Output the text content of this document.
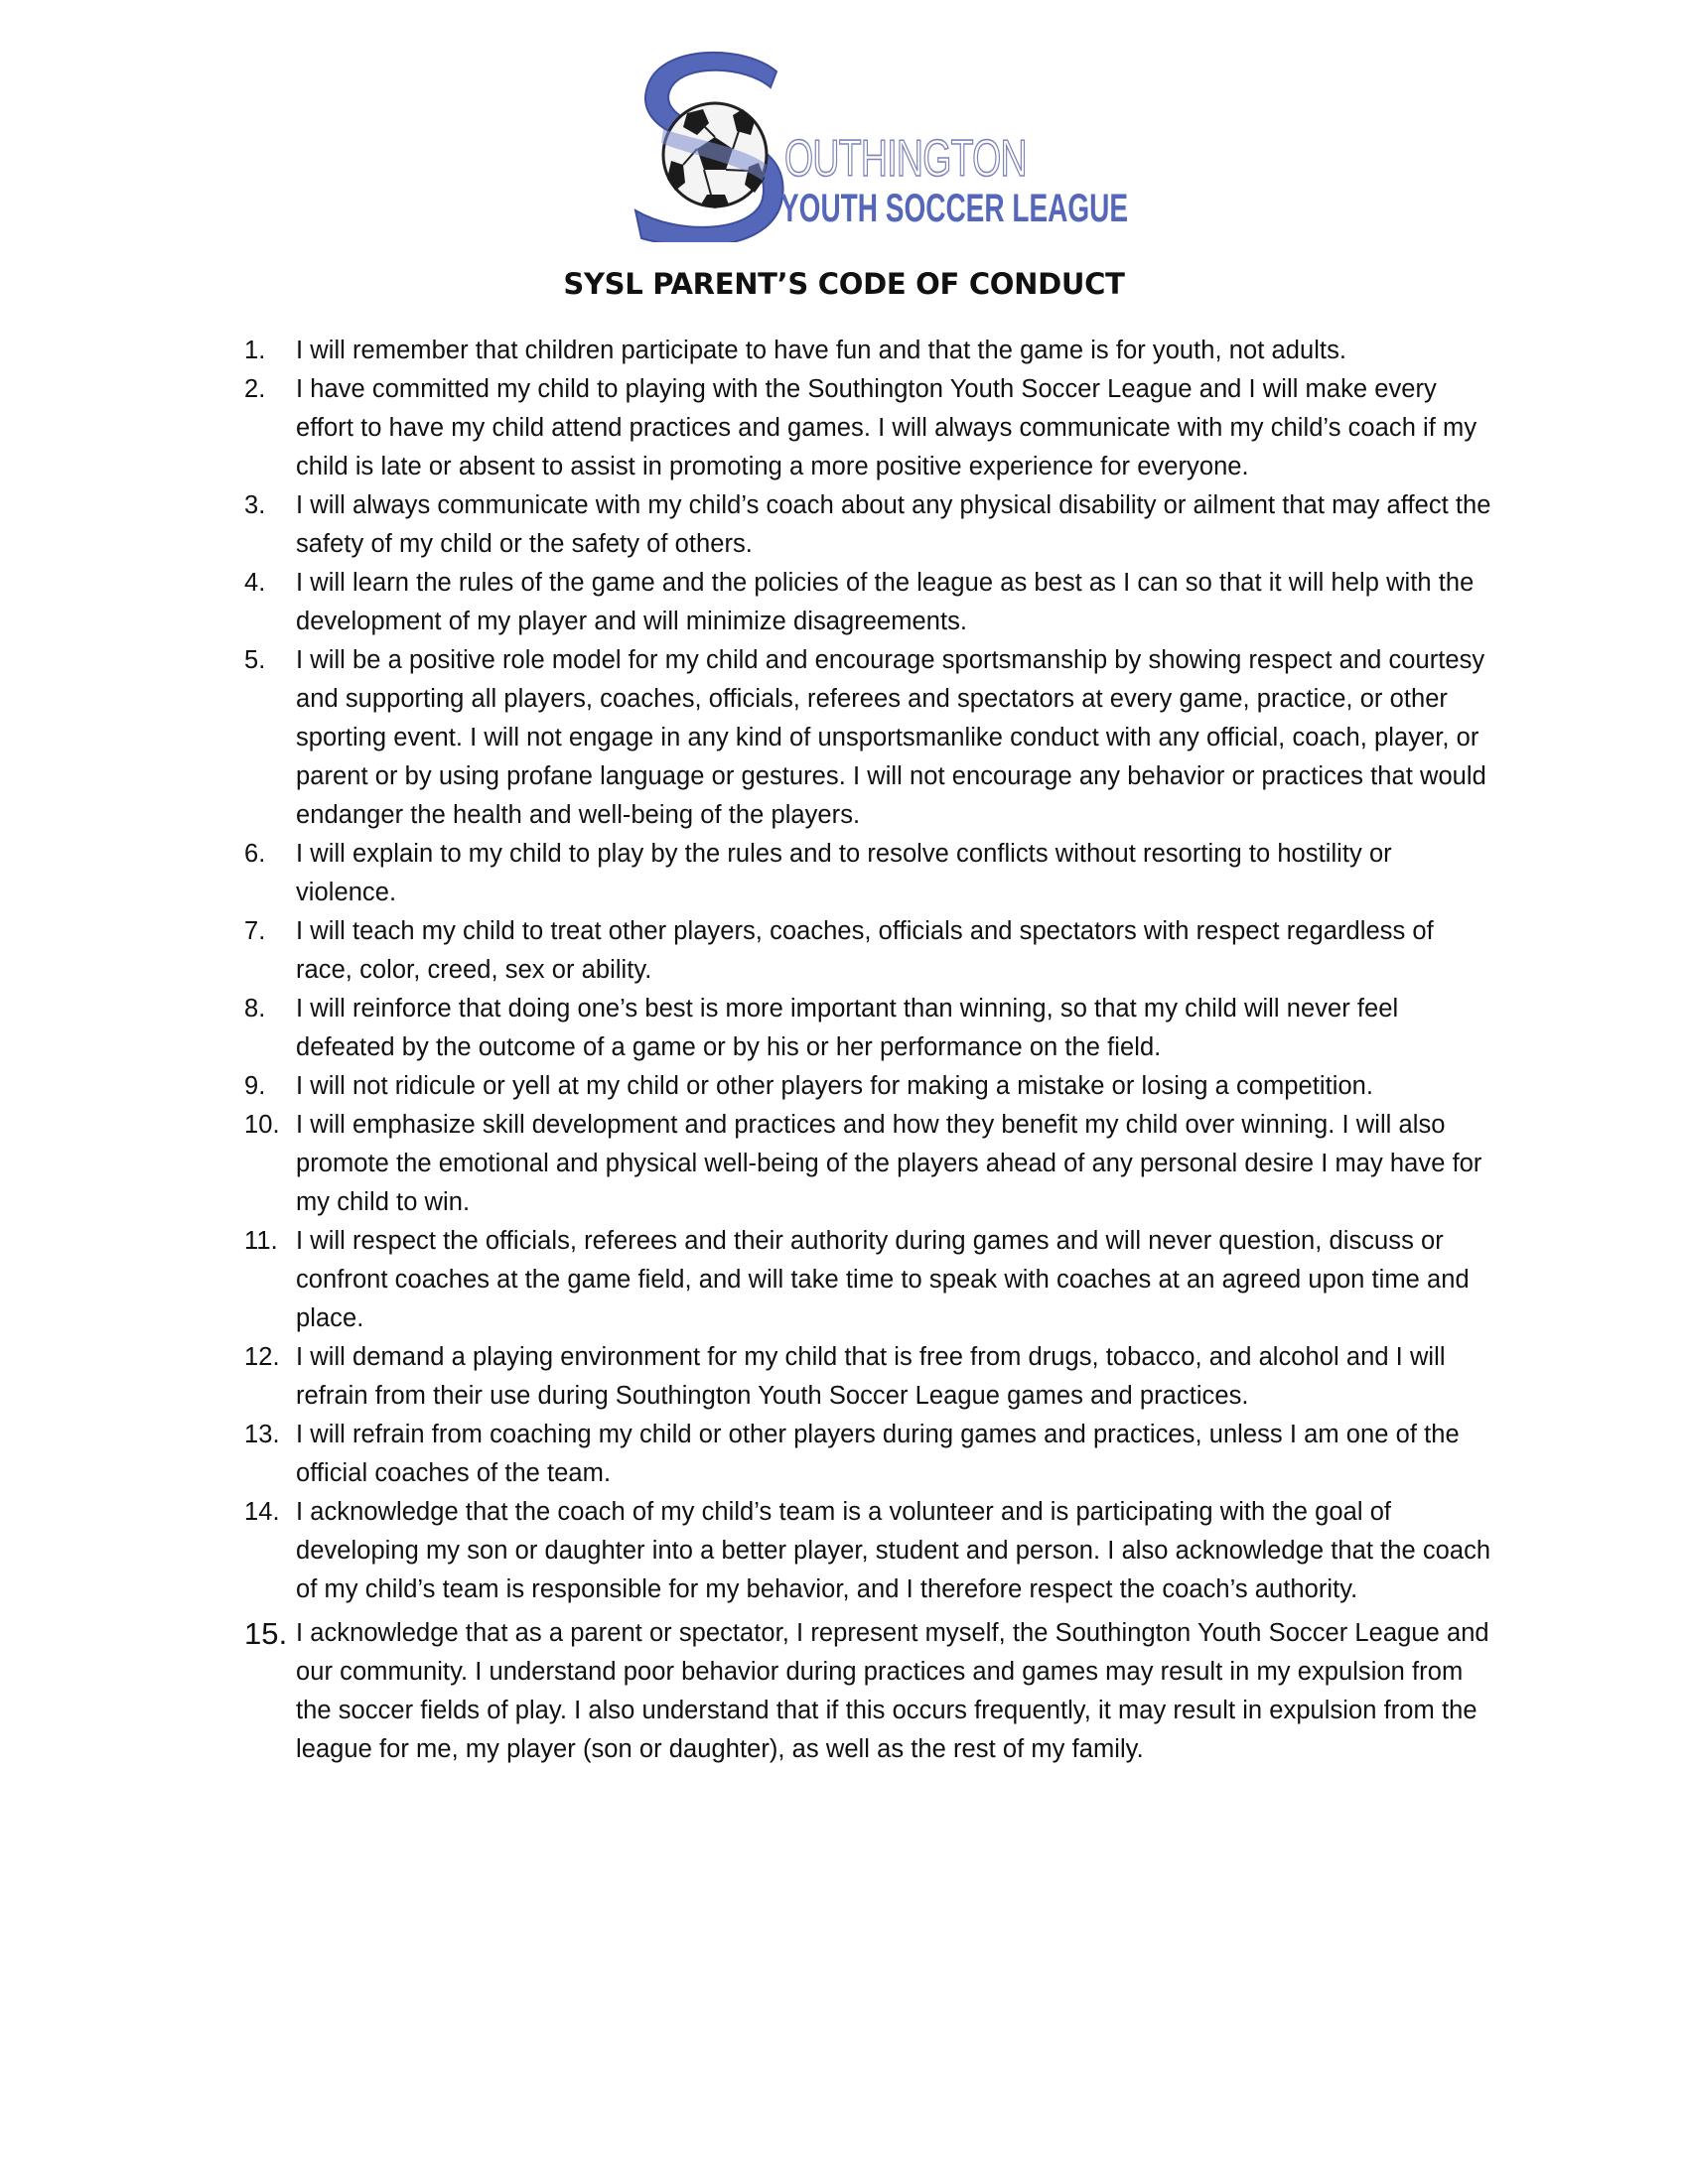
OUTHINGTON
YOUTH SOCCER LEAGUE
SYSL PARENT’S CODE OF CONDUCT
1. I will remember that children participate to have fun and that the game is for youth, not adults.
2. I have committed my child to playing with the Southington Youth Soccer League and I will make every effort to have my child attend practices and games. I will always communicate with my child’s coach if my child is late or absent to assist in promoting a more positive experience for everyone.
3. I will always communicate with my child’s coach about any physical disability or ailment that may affect the safety of my child or the safety of others.
4. I will learn the rules of the game and the policies of the league as best as I can so that it will help with the development of my player and will minimize disagreements.
5. I will be a positive role model for my child and encourage sportsmanship by showing respect and courtesy and supporting all players, coaches, officials, referees and spectators at every game, practice, or other sporting event. I will not engage in any kind of unsportsmanlike conduct with any official, coach, player, or parent or by using profane language or gestures. I will not encourage any behavior or practices that would endanger the health and well-being of the players.
6. I will explain to my child to play by the rules and to resolve conflicts without resorting to hostility or violence.
7. I will teach my child to treat other players, coaches, officials and spectators with respect regardless of race, color, creed, sex or ability.
8. I will reinforce that doing one’s best is more important than winning, so that my child will never feel defeated by the outcome of a game or by his or her performance on the field.
9. I will not ridicule or yell at my child or other players for making a mistake or losing a competition.
10. I will emphasize skill development and practices and how they benefit my child over winning. I will also promote the emotional and physical well-being of the players ahead of any personal desire I may have for my child to win.
11. I will respect the officials, referees and their authority during games and will never question, discuss or confront coaches at the game field, and will take time to speak with coaches at an agreed upon time and place.
12. I will demand a playing environment for my child that is free from drugs, tobacco, and alcohol and I will refrain from their use during Southington Youth Soccer League games and practices.
13. I will refrain from coaching my child or other players during games and practices, unless I am one of the official coaches of the team.
14. I acknowledge that the coach of my child’s team is a volunteer and is participating with the goal of developing my son or daughter into a better player, student and person. I also acknowledge that the coach of my child’s team is responsible for my behavior, and I therefore respect the coach’s authority.
15. I acknowledge that as a parent or spectator, I represent myself, the Southington Youth Soccer League and our community. I understand poor behavior during practices and games may result in my expulsion from the soccer fields of play. I also understand that if this occurs frequently, it may result in expulsion from the league for me, my player (son or daughter), as well as the rest of my family.
